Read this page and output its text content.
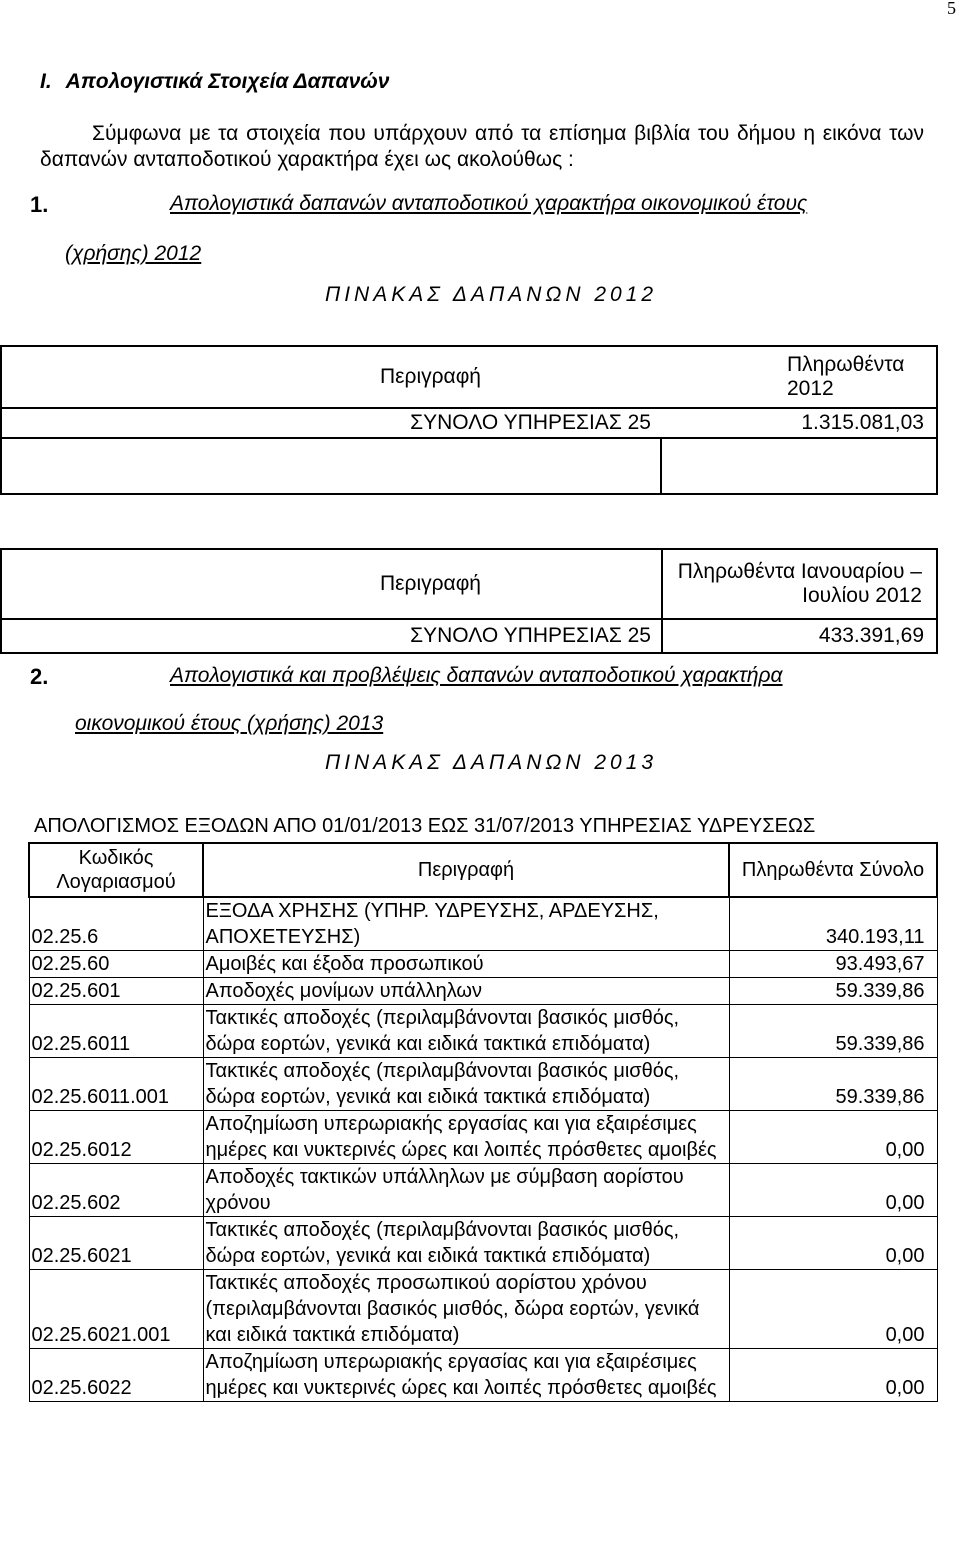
5
I. Απολογιστικά Στοιχεία Δαπανών
Σύμφωνα με τα στοιχεία που υπάρχουν από τα επίσημα βιβλία του δήμου η εικόνα των δαπανών ανταποδοτικού χαρακτήρα έχει ως ακολούθως :
1.	Απολογιστικά δαπανών ανταποδοτικού χαρακτήρα οικονομικού έτους
(χρήσης) 2012
ΠΙΝΑΚΑΣ ΔΑΠΑΝΩΝ 2012
Περιγραφή	Πληρωθέντα 2012
ΣΥΝΟΛΟ ΥΠΗΡΕΣΙΑΣ 25	1.315.081,03

Περιγραφή	Πληρωθέντα Ιανουαρίου – Ιουλίου 2012
ΣΥΝΟΛΟ ΥΠΗΡΕΣΙΑΣ 25	433.391,69
2.	Απολογιστικά και προβλέψεις δαπανών ανταποδοτικού χαρακτήρα
οικονομικού έτους (χρήσης) 2013
ΠΙΝΑΚΑΣ ΔΑΠΑΝΩΝ 2013
ΑΠΟΛΟΓΙΣΜΟΣ ΕΞΟΔΩΝ ΑΠΟ 01/01/2013 ΕΩΣ 31/07/2013 ΥΠΗΡΕΣΙΑΣ ΥΔΡΕΥΣΕΩΣ
Κωδικός Λογαριασμού	Περιγραφή	Πληρωθέντα Σύνολο
02.25.6	ΕΞΟΔΑ ΧΡΗΣΗΣ (ΥΠΗΡ. ΥΔΡΕΥΣΗΣ, ΑΡΔΕΥΣΗΣ, ΑΠΟΧΕΤΕΥΣΗΣ)	340.193,11
02.25.60	Αμοιβές και έξοδα προσωπικού	93.493,67
02.25.601	Αποδοχές μονίμων υπάλληλων	59.339,86
02.25.6011	Τακτικές αποδοχές (περιλαμβάνονται βασικός μισθός, δώρα εορτών, γενικά και ειδικά τακτικά επιδόματα)	59.339,86
02.25.6011.001	Τακτικές αποδοχές (περιλαμβάνονται βασικός μισθός, δώρα εορτών, γενικά και ειδικά τακτικά επιδόματα)	59.339,86
02.25.6012	Αποζημίωση υπερωριακής εργασίας και για εξαιρέσιμες ημέρες και νυκτερινές ώρες και λοιπές πρόσθετες αμοιβές	0,00
02.25.602	Αποδοχές τακτικών υπάλληλων με σύμβαση αορίστου χρόνου	0,00
02.25.6021	Τακτικές αποδοχές (περιλαμβάνονται βασικός μισθός, δώρα εορτών, γενικά και ειδικά τακτικά επιδόματα)	0,00
02.25.6021.001	Τακτικές αποδοχές προσωπικού αορίστου χρόνου (περιλαμβάνονται βασικός μισθός, δώρα εορτών, γενικά και ειδικά τακτικά επιδόματα)	0,00
02.25.6022	Αποζημίωση υπερωριακής εργασίας και για εξαιρέσιμες ημέρες και νυκτερινές ώρες και λοιπές πρόσθετες αμοιβές	0,00
